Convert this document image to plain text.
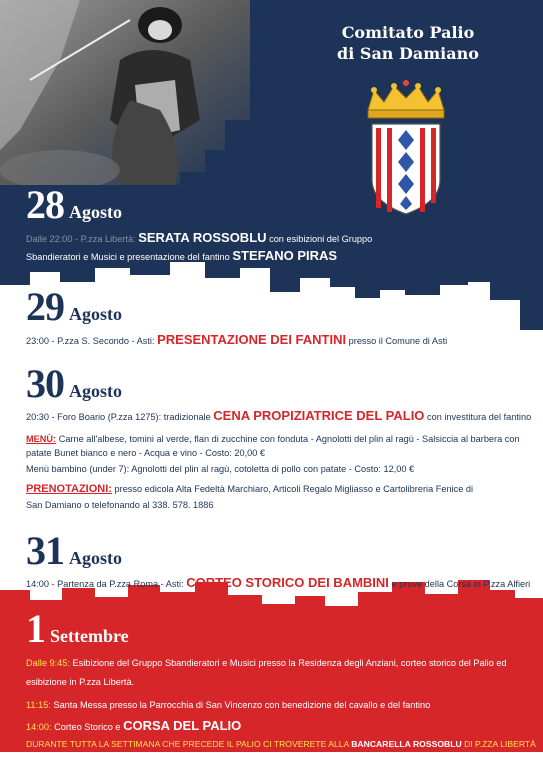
Comitato Palio
di San Damiano
28 Agosto
Dalle 22:00 - P.zza Libertà: SERATA ROSSOBLU con esibizioni del Gruppo
Sbandieratori e Musici e presentazione del fantino STEFANO PIRAS
29 Agosto
23:00 - P.zza S. Secondo - Asti: PRESENTAZIONE DEI FANTINI presso il Comune di Asti
30 Agosto
20:30 - Foro Boario (P.zza 1275): tradizionale CENA PROPIZIATRICE DEL PALIO con investitura del fantino
MENÙ: Carne all'albese, tomini al verde, flan di zucchine con fonduta - Agnolotti del plin al ragù - Salsiccia al barbera con
patate Bunet bianco e nero - Acqua e vino - Costo: 20,00 €
Menù bambino (under 7): Agnolotti del plin al ragù, cotoletta di pollo con patate - Costo: 12,00 €
PRENOTAZIONI: presso edicola Alta Fedeltà Marchiaro, Articoli Regalo Migliasso e Cartolibreria Fenice di
San Damiano o telefonando al 338. 578. 1886
31 Agosto
14:00 - Partenza da P.zza Roma - Asti: CORTEO STORICO DEI BAMBINI e prove della Corsa in P.zza Alfieri
1 Settembre
Dalle 9:45: Esibizione del Gruppo Sbandieratori e Musici presso la Residenza degli Anziani, corteo storico del Palio ed
esibizione in P.zza Libertà.
11:15: Santa Messa presso la Parrocchia di San Vincenzo con benedizione del cavallo e del fantino
14:00: Corteo Storico e CORSA DEL PALIO
DURANTE TUTTA LA SETTIMANA CHE PRECEDE IL PALIO CI TROVERETE ALLA BANCARELLA ROSSOBLU DI P.ZZA LIBERTÀ
